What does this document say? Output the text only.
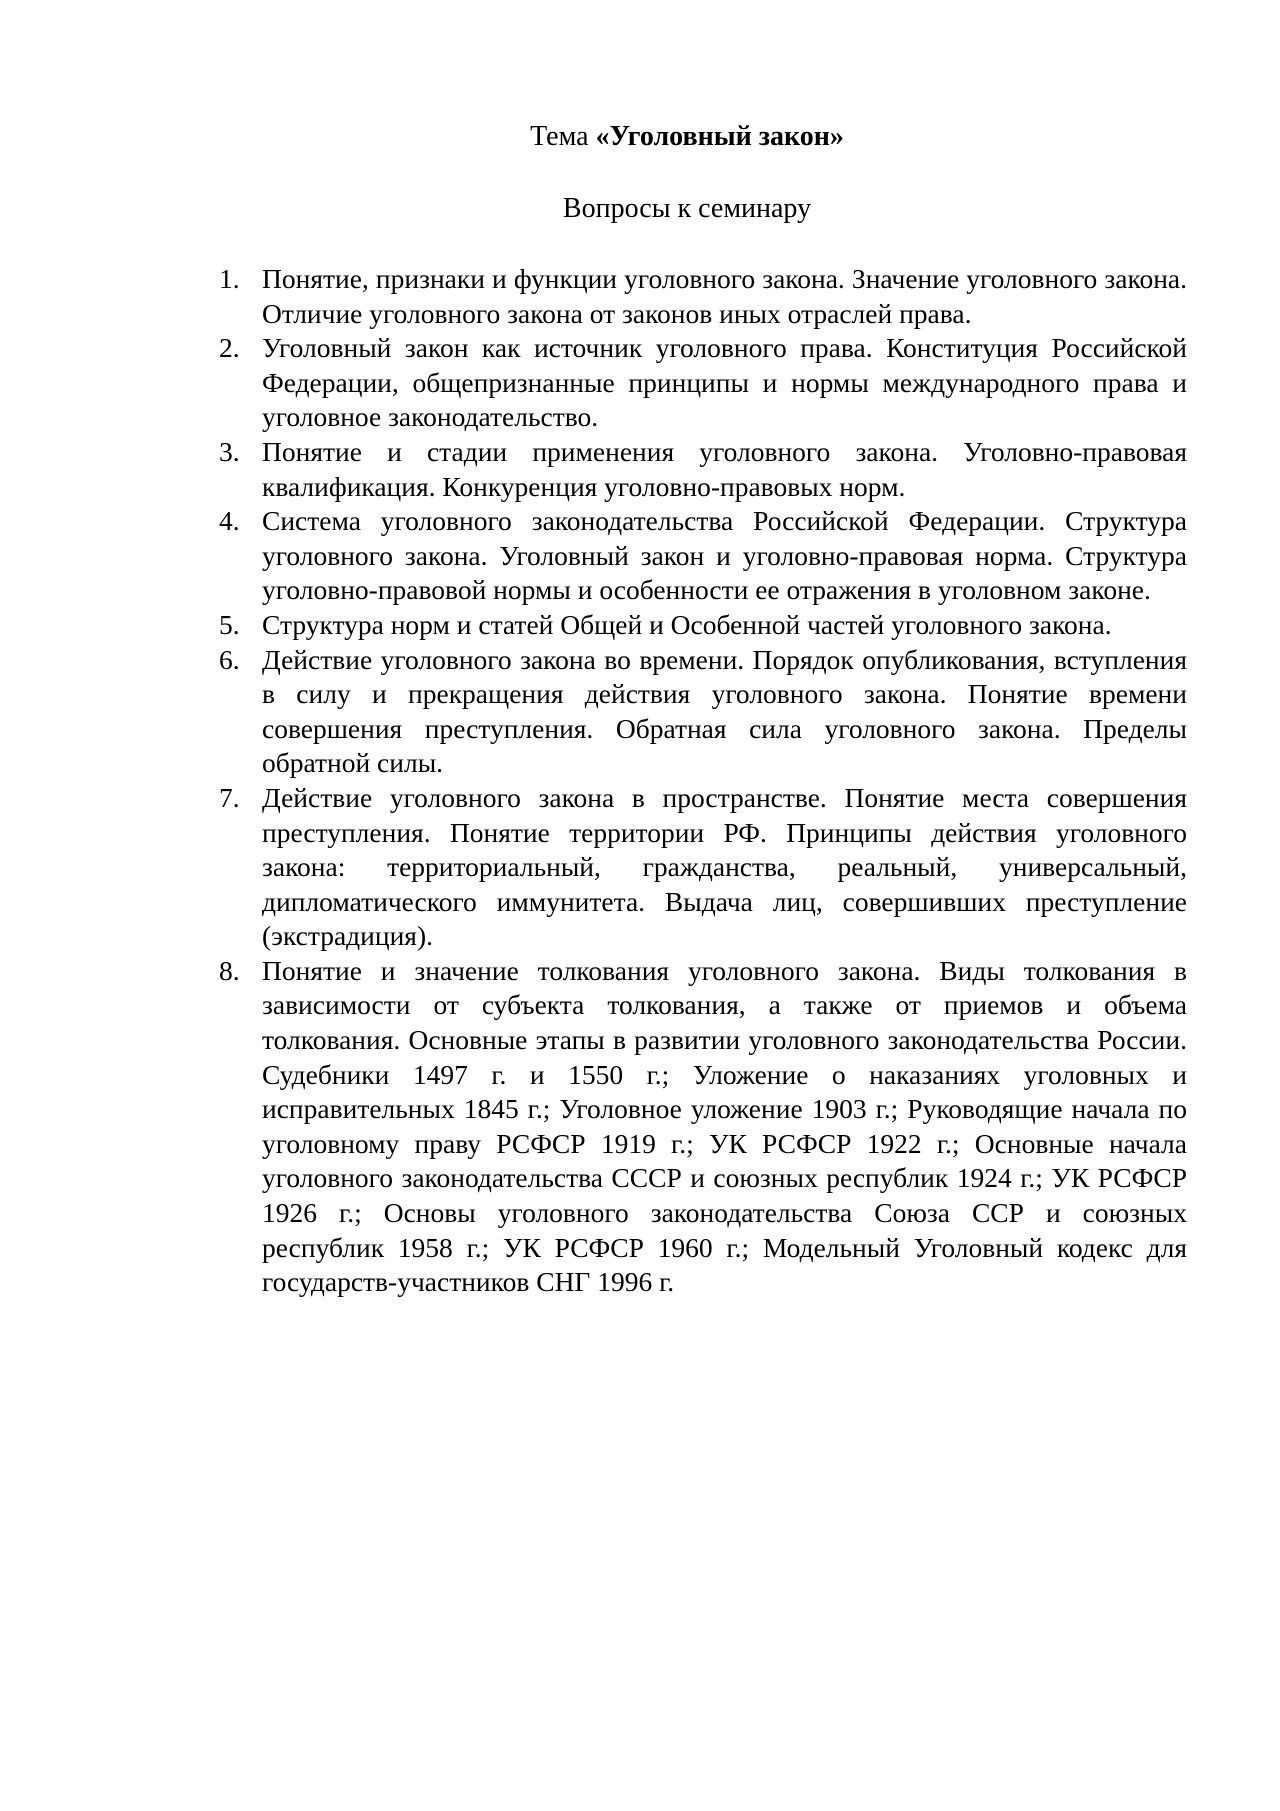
Тема «Уголовный закон»
Вопросы к семинару
1. Понятие, признаки и функции уголовного закона. Значение уголовного закона. Отличие уголовного закона от законов иных отраслей права.
2. Уголовный закон как источник уголовного права. Конституция Российской Федерации, общепризнанные принципы и нормы международного права и уголовное законодательство.
3. Понятие и стадии применения уголовного закона. Уголовно-правовая квалификация. Конкуренция уголовно-правовых норм.
4. Система уголовного законодательства Российской Федерации. Структура уголовного закона. Уголовный закон и уголовно-правовая норма. Структура уголовно-правовой нормы и особенности ее отражения в уголовном законе.
5. Структура норм и статей Общей и Особенной частей уголовного закона.
6. Действие уголовного закона во времени. Порядок опубликования, вступления в силу и прекращения действия уголовного закона. Понятие времени совершения преступления. Обратная сила уголовного закона. Пределы обратной силы.
7. Действие уголовного закона в пространстве. Понятие места совершения преступления. Понятие территории РФ. Принципы действия уголовного закона: территориальный, гражданства, реальный, универсальный, дипломатического иммунитета. Выдача лиц, совершивших преступление (экстрадиция).
8. Понятие и значение толкования уголовного закона. Виды толкования в зависимости от субъекта толкования, а также от приемов и объема толкования. Основные этапы в развитии уголовного законодательства России. Судебники 1497 г. и 1550 г.; Уложение о наказаниях уголовных и исправительных 1845 г.; Уголовное уложение 1903 г.; Руководящие начала по уголовному праву РСФСР 1919 г.; УК РСФСР 1922 г.; Основные начала уголовного законодательства СССР и союзных республик 1924 г.; УК РСФСР 1926 г.; Основы уголовного законодательства Союза ССР и союзных республик 1958 г.; УК РСФСР 1960 г.; Модельный Уголовный кодекс для государств-участников СНГ 1996 г.
